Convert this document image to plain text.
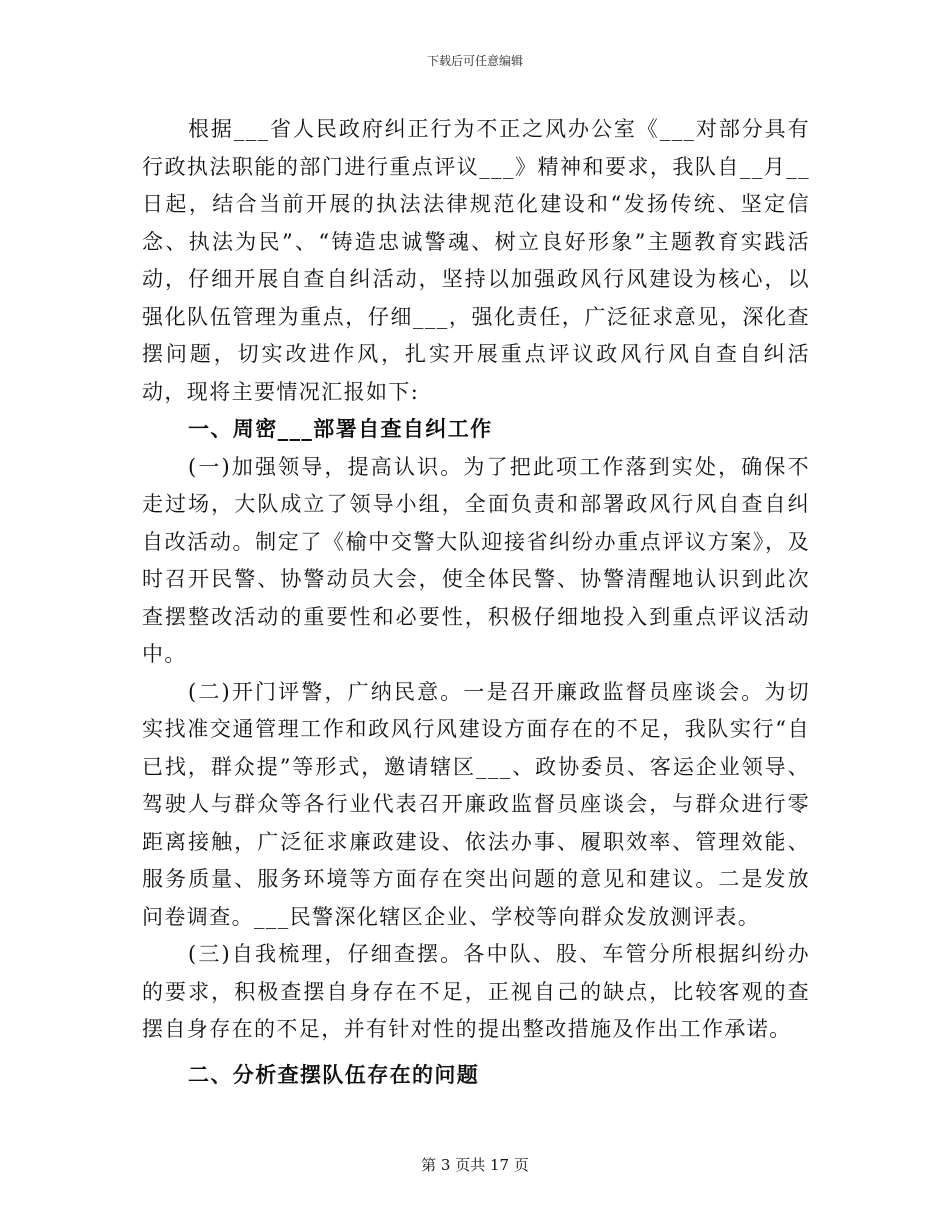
下载后可任意编辑

根据___省人民政府纠正行为不正之风办公室《___对部分具有行政执法职能的部门进行重点评议___》精神和要求，我队自__月__日起，结合当前开展的执法法律规范化建设和“发扬传统、坚定信念、执法为民”、“铸造忠诚警魂、树立良好形象”主题教育实践活动，仔细开展自查自纠活动，坚持以加强政风行风建设为核心，以强化队伍管理为重点，仔细___，强化责任，广泛征求意见，深化查摆问题，切实改进作风，扎实开展重点评议政风行风自查自纠活动，现将主要情况汇报如下:

一、周密___部署自查自纠工作

(一)加强领导，提高认识。为了把此项工作落到实处，确保不走过场，大队成立了领导小组，全面负责和部署政风行风自查自纠自改活动。制定了《榆中交警大队迎接省纠纷办重点评议方案》，及时召开民警、协警动员大会，使全体民警、协警清醒地认识到此次查摆整改活动的重要性和必要性，积极仔细地投入到重点评议活动中。

(二)开门评警，广纳民意。一是召开廉政监督员座谈会。为切实找准交通管理工作和政风行风建设方面存在的不足，我队实行“自已找，群众提”等形式，邀请辖区___、政协委员、客运企业领导、驾驶人与群众等各行业代表召开廉政监督员座谈会，与群众进行零距离接触，广泛征求廉政建设、依法办事、履职效率、管理效能、服务质量、服务环境等方面存在突出问题的意见和建议。二是发放问卷调查。___民警深化辖区企业、学校等向群众发放测评表。

(三)自我梳理，仔细查摆。各中队、股、车管分所根据纠纷办的要求，积极查摆自身存在不足，正视自己的缺点，比较客观的查摆自身存在的不足，并有针对性的提出整改措施及作出工作承诺。

二、分析查摆队伍存在的问题

第 3 页共 17 页
